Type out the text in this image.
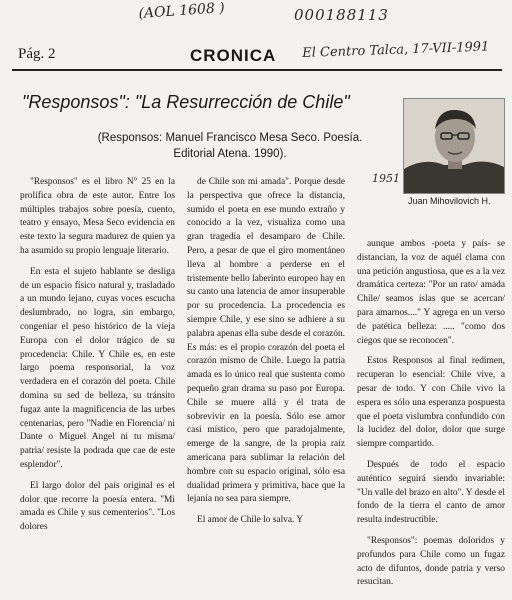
(AOL 1608 )	000188113
Pág. 2	CRONICA El Centro Talca, 17-VII-1991
"Responsos": "La Resurrección de Chile"
(Responsos: Manuel Francisco Mesa Seco. Poesía.
Editorial Atena. 1990).
1951
Juan Mihovilovich H.

"Responsos" es el libro N° 25 en la prolífica obra de este autor. Entre los múltiples trabajos sobre poesía, cuento, teatro y ensayo, Mesa Seco evidencia en este texto la segura madurez de quien ya ha asumido su propio lenguaje literario.

En esta el sujeto hablante se desliga de un espacio físico natural y, trasladado a un mundo lejano, cuyas voces escucha deslumbrado, no logra, sin embargo, congeniar el peso histórico de la vieja Europa con el dolor trágico de su procedencia: Chile. Y Chile es, en este largo poema responsorial, la voz verdadera en el corazón del poeta. Chile domina su sed de belleza, su tránsito fugaz ante la magnificencia de las urbes centenarias, pero "Nadie en Florencia/ ni Dante o Miguel Angel ni tu misma/ patria/ resiste la podrada que cae de este esplendor".

El largo dolor del país original es el dolor que recorre la poesía entera. "Mi amada es Chile y sus cementerios". "Los dolores

de Chile son mi amada". Porque desde la perspectiva que ofrece la distancia, sumido el poeta en ese mundo extraño y conocido a la vez, visualiza como una gran tragedia el desamparo de Chile. Pero, a pesar de que el giro momentáneo lleva al hombre a perderse en el tristemente bello laberinto europeo hay en su canto una latencia de amor insuperable por su procedencia. La procedencia es siempre Chile, y ese sino se adhiere a su palabra apenas ella sube desde el corazón. Es más: es el propio corazón del poeta el corazón mismo de Chile. Luego la patria amada es lo único real que sustenta como pequeño gran drama su paso por Europa. Chile se muere allá y él trata de sobrevivir en la poesía. Sólo ese amor casi místico, pero que paradojalmente, emerge de la sangre, de la propia raíz americana para sublimar la relación del hombre con su espacio original, sólo esa dualidad primera y primitiva, hace que la lejanía no sea para siempre.

El amor de Chile lo salva. Y

aunque ambos -poeta y país- se distancian, la voz de aquél clama con una petición angustiosa, que es a la vez dramática certeza: "Por un rato/ amada Chile/ seamos islas que se acercan/ para amarnos...." Y agrega en un verso de patética belleza: ..... "como dos ciegos que se reconocen".

Estos Responsos al final redimen, recuperan lo esencial: Chile vive, a pesar de todo. Y con Chile vivo la espera es sólo una esperanza pospuesta que el poeta vislumbra confundido con la lucidez del dolor, dolor que surge siempre compartido.

Después de todo el espacio auténtico seguirá siendo invariable: "Un valle del brazo en alto". Y desde el fondo de la tierra el canto de amor resulta indestructible.

"Responsos": poemas doloridos y profundos para Chile como un fugaz acto de difuntos, donde patria y verso resucitan.
